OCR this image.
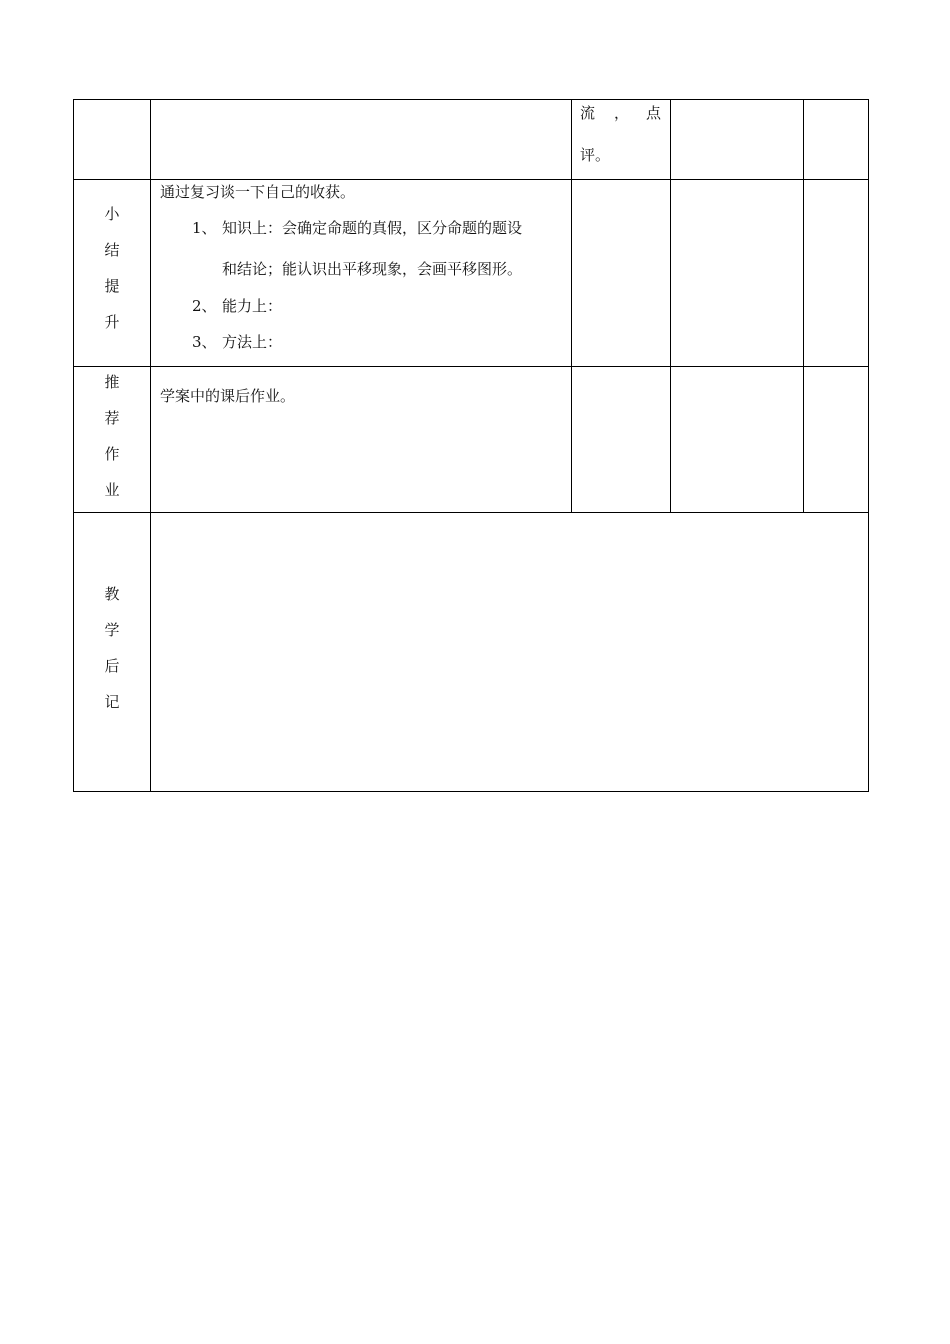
流 ， 点
评。
小
结
提
升
通过复习谈一下自己的收获。
1、 知识上：会确定命题的真假，区分命题的题设
和结论；能认识出平移现象，会画平移图形。
2、 能力上：
3、 方法上：
推
荐
作
业
学案中的课后作业。
教
学
后
记
